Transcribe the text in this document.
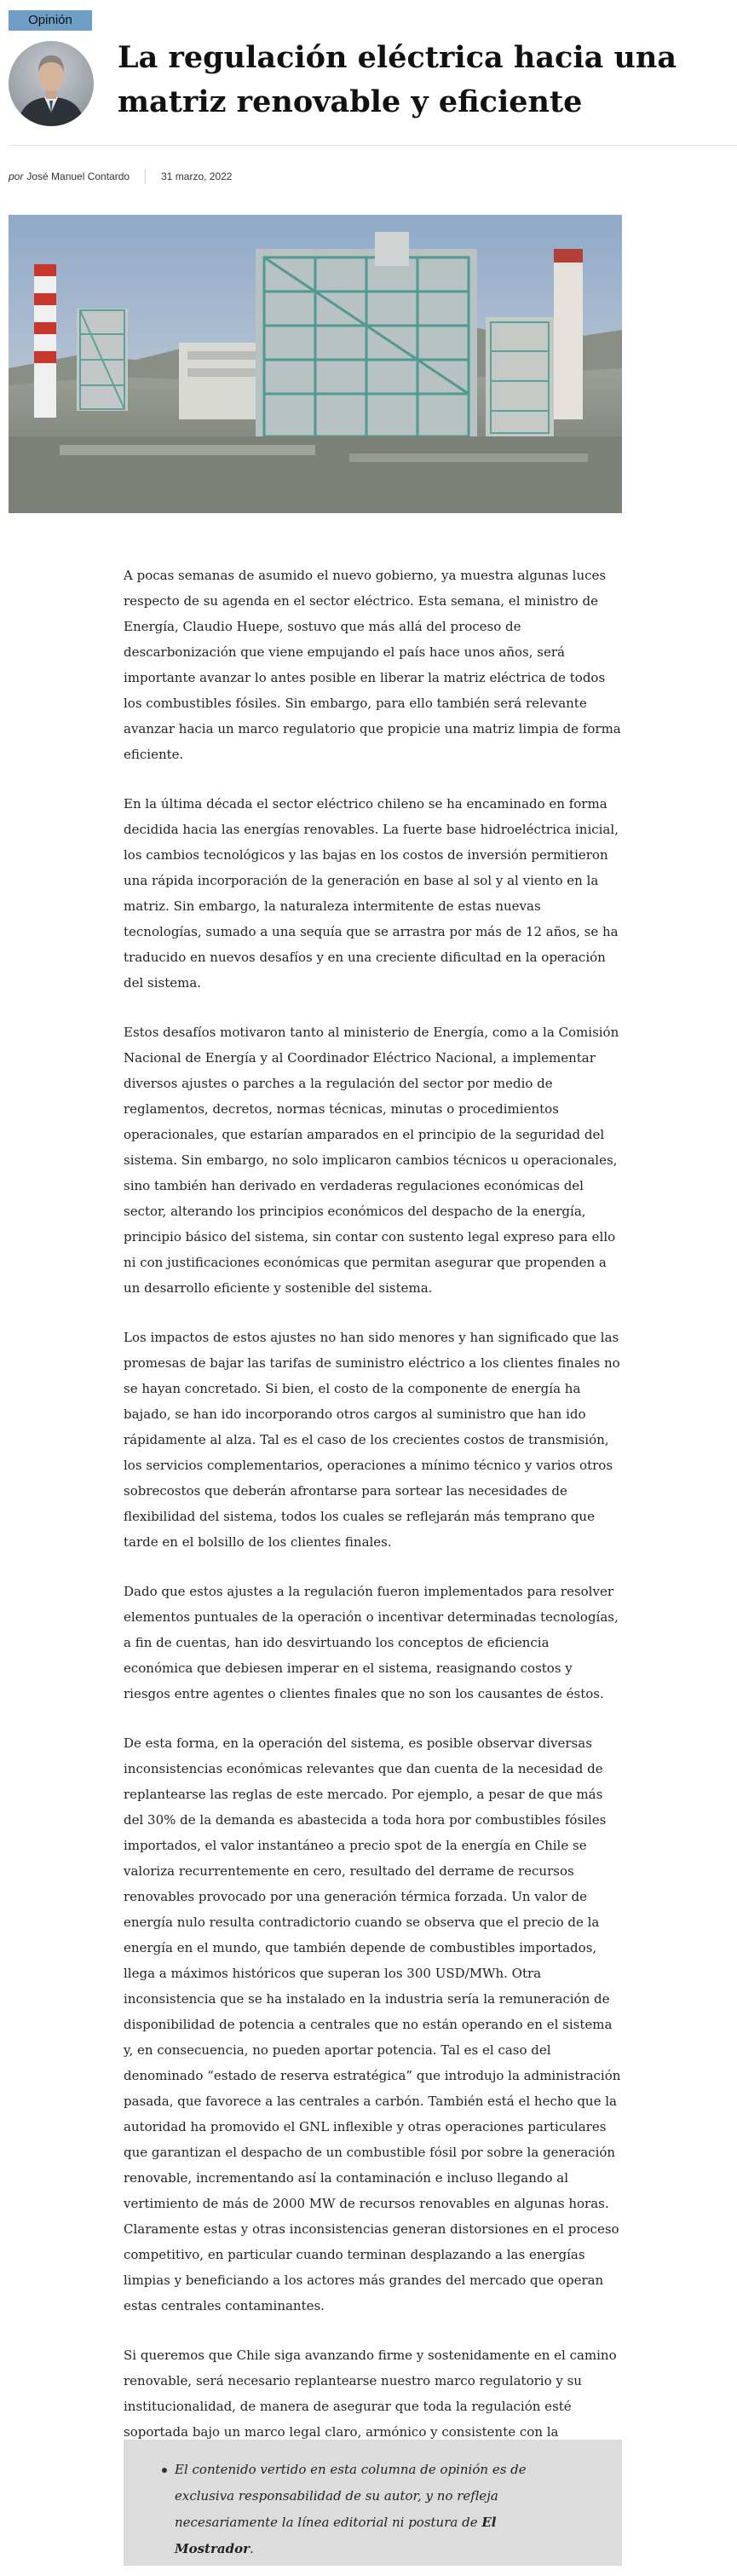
Opinión
La regulación eléctrica hacia una matriz renovable y eficiente
por José Manuel Contardo	31 marzo, 2022

A pocas semanas de asumido el nuevo gobierno, ya muestra algunas luces respecto de su agenda en el sector eléctrico. Esta semana, el ministro de Energía, Claudio Huepe, sostuvo que más allá del proceso de descarbonización que viene empujando el país hace unos años, será importante avanzar lo antes posible en liberar la matriz eléctrica de todos los combustibles fósiles. Sin embargo, para ello también será relevante avanzar hacia un marco regulatorio que propicie una matriz limpia de forma eficiente.

En la última década el sector eléctrico chileno se ha encaminado en forma decidida hacia las energías renovables. La fuerte base hidroeléctrica inicial, los cambios tecnológicos y las bajas en los costos de inversión permitieron una rápida incorporación de la generación en base al sol y al viento en la matriz. Sin embargo, la naturaleza intermitente de estas nuevas tecnologías, sumado a una sequía que se arrastra por más de 12 años, se ha traducido en nuevos desafíos y en una creciente dificultad en la operación del sistema.

Estos desafíos motivaron tanto al ministerio de Energía, como a la Comisión Nacional de Energía y al Coordinador Eléctrico Nacional, a implementar diversos ajustes o parches a la regulación del sector por medio de reglamentos, decretos, normas técnicas, minutas o procedimientos operacionales, que estarían amparados en el principio de la seguridad del sistema. Sin embargo, no solo implicaron cambios técnicos u operacionales, sino también han derivado en verdaderas regulaciones económicas del sector, alterando los principios económicos del despacho de la energía, principio básico del sistema, sin contar con sustento legal expreso para ello ni con justificaciones económicas que permitan asegurar que propenden a un desarrollo eficiente y sostenible del sistema.

Los impactos de estos ajustes no han sido menores y han significado que las promesas de bajar las tarifas de suministro eléctrico a los clientes finales no se hayan concretado. Si bien, el costo de la componente de energía ha bajado, se han ido incorporando otros cargos al suministro que han ido rápidamente al alza. Tal es el caso de los crecientes costos de transmisión, los servicios complementarios, operaciones a mínimo técnico y varios otros sobrecostos que deberán afrontarse para sortear las necesidades de flexibilidad del sistema, todos los cuales se reflejarán más temprano que tarde en el bolsillo de los clientes finales.

Dado que estos ajustes a la regulación fueron implementados para resolver elementos puntuales de la operación o incentivar determinadas tecnologías, a fin de cuentas, han ido desvirtuando los conceptos de eficiencia económica que debiesen imperar en el sistema, reasignando costos y riesgos entre agentes o clientes finales que no son los causantes de éstos.

De esta forma, en la operación del sistema, es posible observar diversas inconsistencias económicas relevantes que dan cuenta de la necesidad de replantearse las reglas de este mercado. Por ejemplo, a pesar de que más del 30% de la demanda es abastecida a toda hora por combustibles fósiles importados, el valor instantáneo a precio spot de la energía en Chile se valoriza recurrentemente en cero, resultado del derrame de recursos renovables provocado por una generación térmica forzada. Un valor de energía nulo resulta contradictorio cuando se observa que el precio de la energía en el mundo, que también depende de combustibles importados, llega a máximos históricos que superan los 300 USD/MWh. Otra inconsistencia que se ha instalado en la industria sería la remuneración de disponibilidad de potencia a centrales que no están operando en el sistema y, en consecuencia, no pueden aportar potencia. Tal es el caso del denominado “estado de reserva estratégica” que introdujo la administración pasada, que favorece a las centrales a carbón. También está el hecho que la autoridad ha promovido el GNL inflexible y otras operaciones particulares que garantizan el despacho de un combustible fósil por sobre la generación renovable, incrementando así la contaminación e incluso llegando al vertimiento de más de 2000 MW de recursos renovables en algunas horas. Claramente estas y otras inconsistencias generan distorsiones en el proceso competitivo, en particular cuando terminan desplazando a las energías limpias y beneficiando a los actores más grandes del mercado que operan estas centrales contaminantes.

Si queremos que Chile siga avanzando firme y sostenidamente en el camino renovable, será necesario replantearse nuestro marco regulatorio y su institucionalidad, de manera de asegurar que toda la regulación esté soportada bajo un marco legal claro, armónico y consistente con la

El contenido vertido en esta columna de opinión es de exclusiva responsabilidad de su autor, y no refleja necesariamente la línea editorial ni postura de El Mostrador.
